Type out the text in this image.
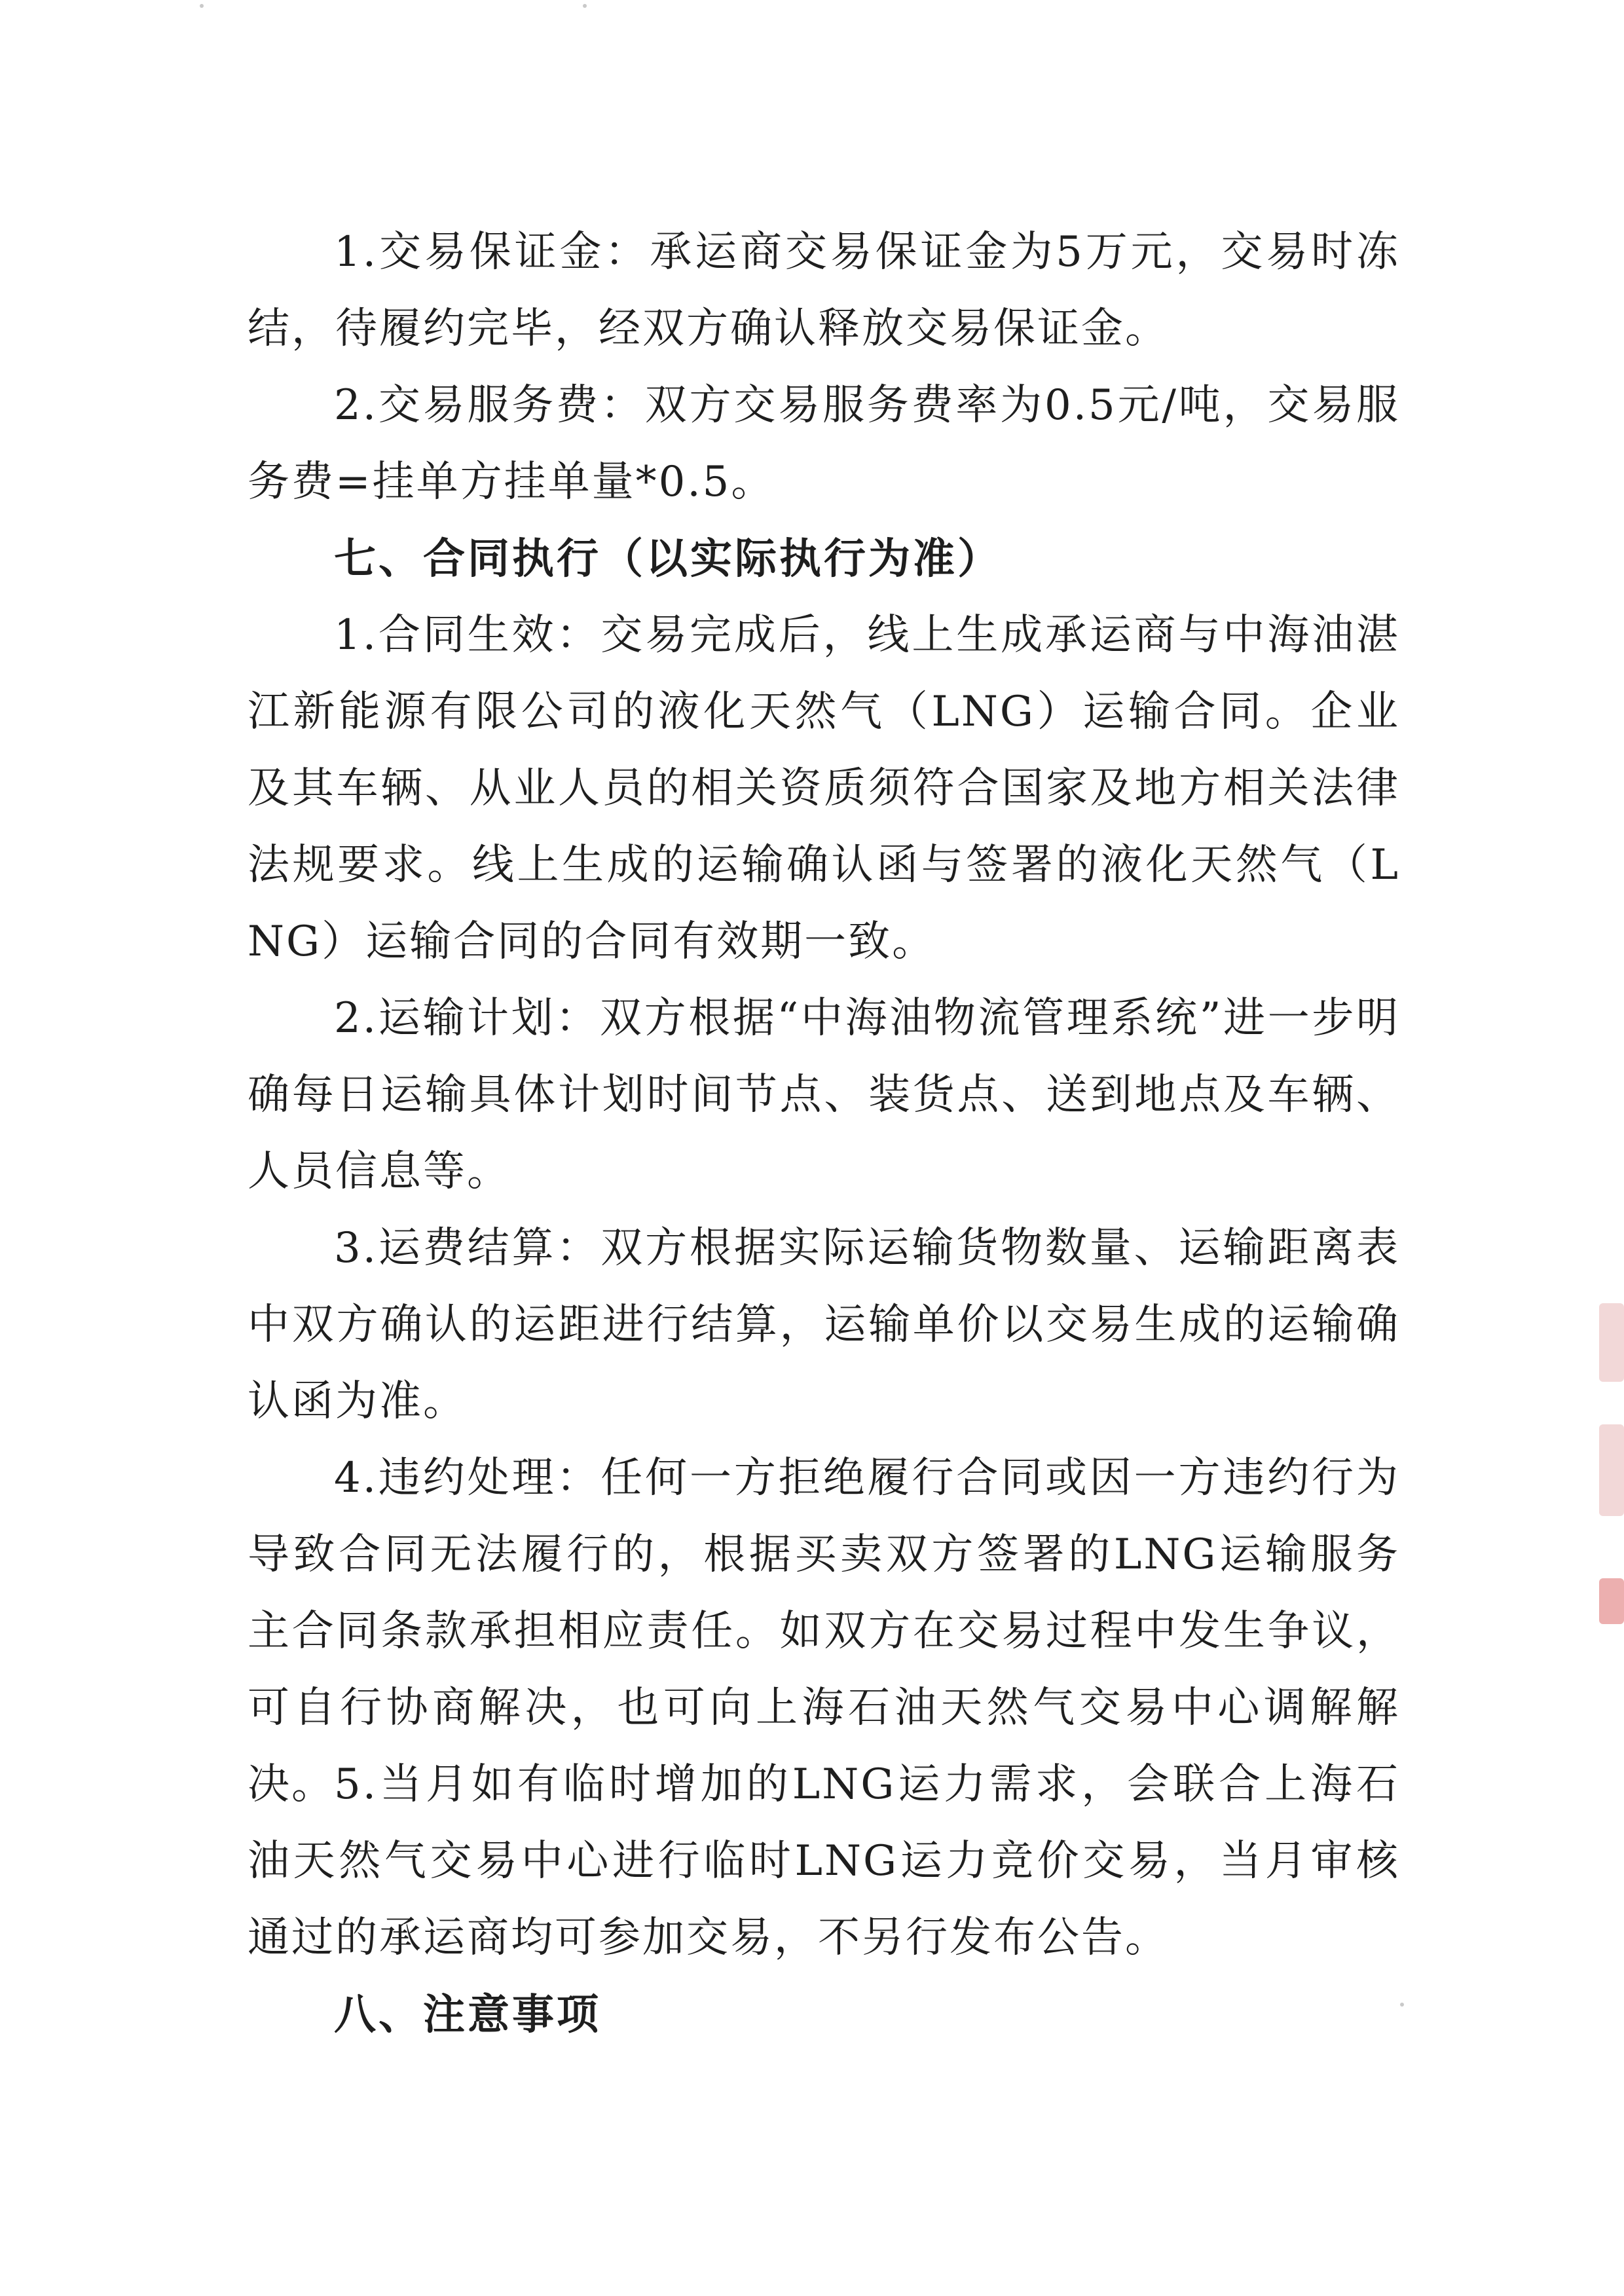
1.交易保证金：承运商交易保证金为5万元，交易时冻结，待履约完毕，经双方确认释放交易保证金。

2.交易服务费：双方交易服务费率为0.5元/吨，交易服务费=挂单方挂单量*0.5。

七、合同执行（以实际执行为准）

1.合同生效：交易完成后，线上生成承运商与中海油湛江新能源有限公司的液化天然气（LNG）运输合同。企业及其车辆、从业人员的相关资质须符合国家及地方相关法律法规要求。线上生成的运输确认函与签署的液化天然气（LNG）运输合同的合同有效期一致。

2.运输计划：双方根据“中海油物流管理系统”进一步明确每日运输具体计划时间节点、装货点、送到地点及车辆、人员信息等。

3.运费结算：双方根据实际运输货物数量、运输距离表中双方确认的运距进行结算，运输单价以交易生成的运输确认函为准。

4.违约处理：任何一方拒绝履行合同或因一方违约行为导致合同无法履行的，根据买卖双方签署的LNG运输服务主合同条款承担相应责任。如双方在交易过程中发生争议，可自行协商解决，也可向上海石油天然气交易中心调解解决。

5.当月如有临时增加的LNG运力需求，会联合上海石油天然气交易中心进行临时LNG运力竞价交易，当月审核通过的承运商均可参加交易，不另行发布公告。

八、注意事项
